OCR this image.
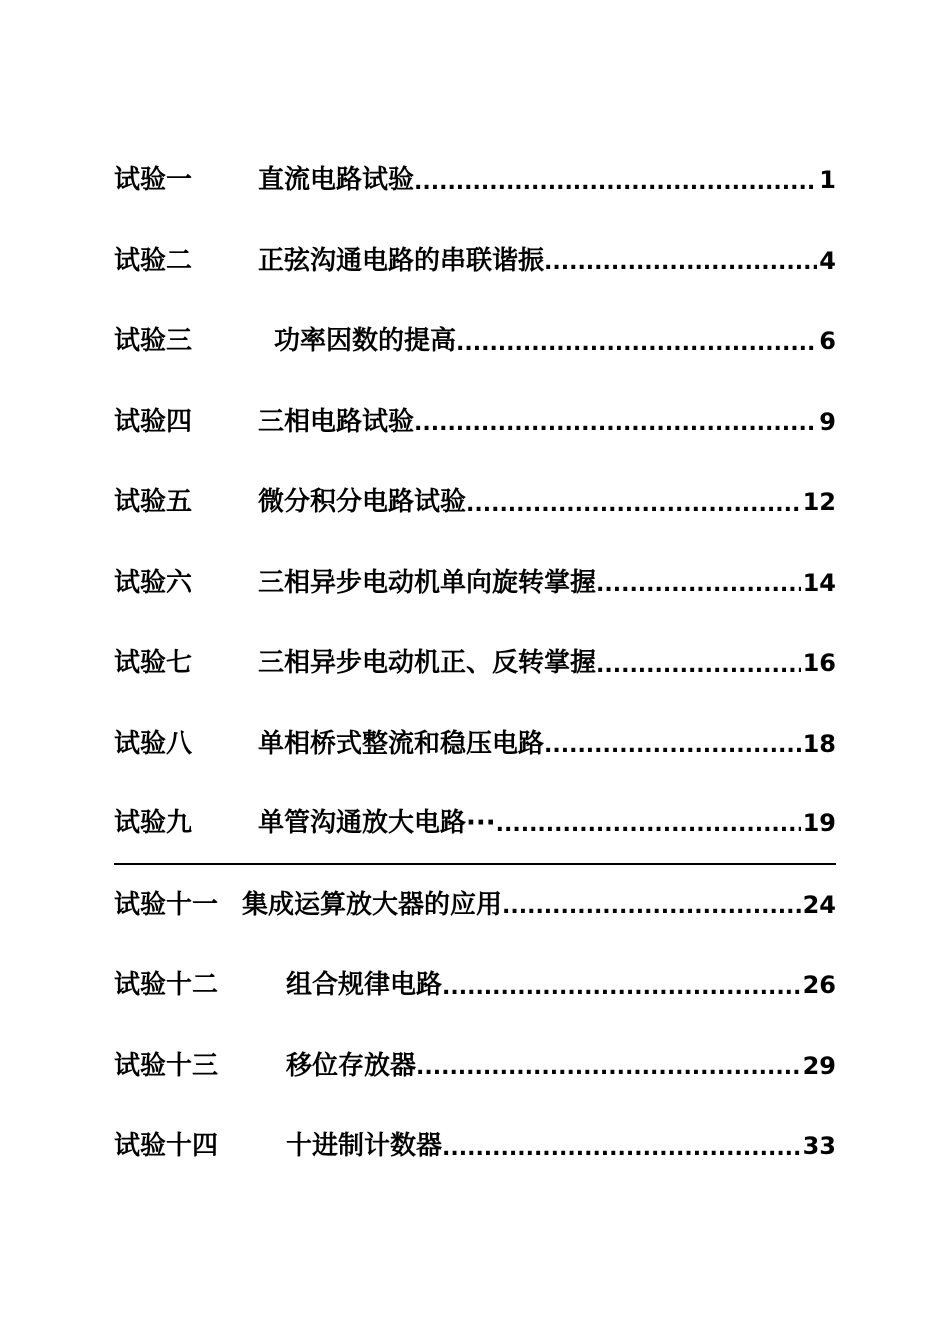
试验一	直流电路试验 .....	1
试验二	正弦沟通电路的串联谐振 .....	4
试验三	功率因数的提高 .....	6
试验四	三相电路试验 .....	9
试验五	微分积分电路试验 .....	12
试验六	三相异步电动机单向旋转掌握 .....	14
试验七	三相异步电动机正、反转掌握 .....	16
试验八	单相桥式整流和稳压电路 .....	18
试验九	单管沟通放大电路··· .....	19
试验十一 集成运算放大器的应用 .....	24
试验十二	组合规律电路 .....	26
试验十三	移位存放器 .....	29
试验十四	十进制计数器 .....	33
